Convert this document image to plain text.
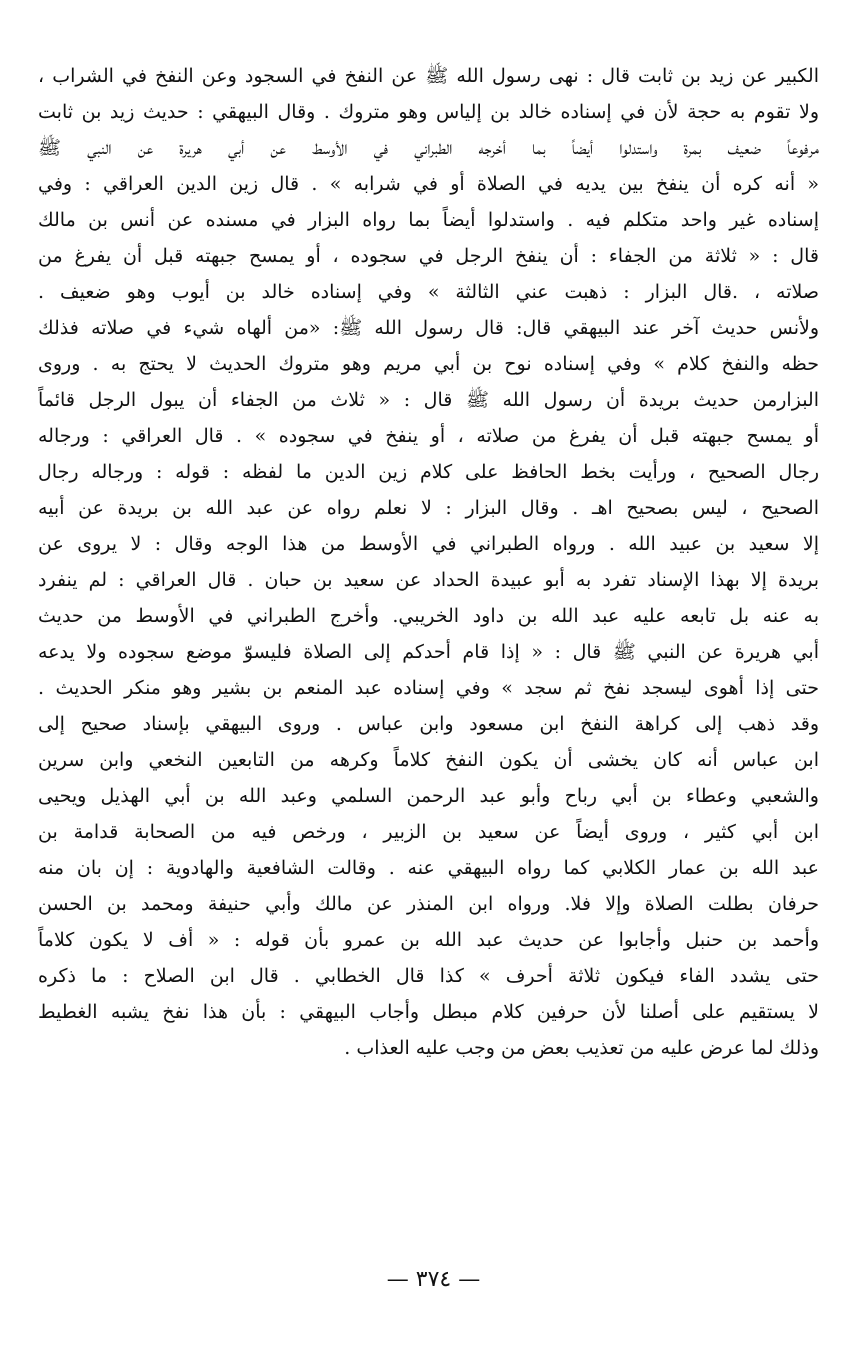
الكبير عن زيد بن ثابت قال : نهى رسول الله ﷺ عن النفخ في السجود وعن النفخ في الشراب ،
ولا تقوم به حجة لأن في إسناده خالد بن إلياس وهو متروك . وقال البيهقي : حديث زيد بن ثابت
مرفوعاً ضعيف بمرة واستدلوا أيضاً بما أخرجه الطبراني في الأوسط عن أبي هريرة عن النبي ﷺ
« أنه كره أن ينفخ بين يديه في الصلاة أو في شرابه » . قال زين الدين العراقي : وفي
إسناده غير واحد متكلم فيه . واستدلوا أيضاً بما رواه البزار في مسنده عن أنس بن مالك
قال : « ثلاثة من الجفاء : أن ينفخ الرجل في سجوده ، أو يمسح جبهته قبل أن يفرغ من
صلاته ، .قال البزار : ذهبت عني الثالثة » وفي إسناده خالد بن أيوب وهو ضعيف .
ولأنس حديث آخر عند البيهقي قال: قال رسول الله ﷺ: «من ألهاه شيء في صلاته فذلك
حظه والنفخ كلام » وفي إسناده نوح بن أبي مريم وهو متروك الحديث لا يحتج به . وروى
البزارمن حديث بريدة أن رسول الله ﷺ قال : « ثلاث من الجفاء أن يبول الرجل قائماً
أو يمسح جبهته قبل أن يفرغ من صلاته ، أو ينفخ في سجوده » . قال العراقي : ورجاله
رجال الصحيح ، ورأيت بخط الحافظ على كلام زين الدين ما لفظه : قوله : ورجاله رجال
الصحيح ، ليس بصحيح اهـ . وقال البزار : لا نعلم رواه عن عبد الله بن بريدة عن أبيه
إلا سعيد بن عبيد الله . ورواه الطبراني في الأوسط من هذا الوجه وقال : لا يروى عن
بريدة إلا بهذا الإسناد تفرد به أبو عبيدة الحداد عن سعيد بن حبان . قال العراقي : لم ينفرد
به عنه بل تابعه عليه عبد الله بن داود الخريبي. وأخرج الطبراني في الأوسط من حديث
أبي هريرة عن النبي ﷺ قال : « إذا قام أحدكم إلى الصلاة فليسوّ موضع سجوده ولا يدعه
حتى إذا أهوى ليسجد نفخ ثم سجد » وفي إسناده عبد المنعم بن بشير وهو منكر الحديث .
وقد ذهب إلى كراهة النفخ ابن مسعود وابن عباس . وروى البيهقي بإسناد صحيح إلى
ابن عباس أنه كان يخشى أن يكون النفخ كلاماً وكرهه من التابعين النخعي وابن سرين
والشعبي وعطاء بن أبي رباح وأبو عبد الرحمن السلمي وعبد الله بن أبي الهذيل ويحيى
ابن أبي كثير ، وروى أيضاً عن سعيد بن الزبير ، ورخص فيه من الصحابة قدامة بن
عبد الله بن عمار الكلابي كما رواه البيهقي عنه . وقالت الشافعية والهادوية : إن بان منه
حرفان بطلت الصلاة وإلا فلا. ورواه ابن المنذر عن مالك وأبي حنيفة ومحمد بن الحسن
وأحمد بن حنبل وأجابوا عن حديث عبد الله بن عمرو بأن قوله : « أف لا يكون كلاماً
حتى يشدد الفاء فيكون ثلاثة أحرف » كذا قال الخطابي . قال ابن الصلاح : ما ذكره
لا يستقيم على أصلنا لأن حرفين كلام مبطل وأجاب البيهقي : بأن هذا نفخ يشبه الغطيط
وذلك لما عرض عليه من تعذيب بعض من وجب عليه العذاب .
— ٣٧٤ —
